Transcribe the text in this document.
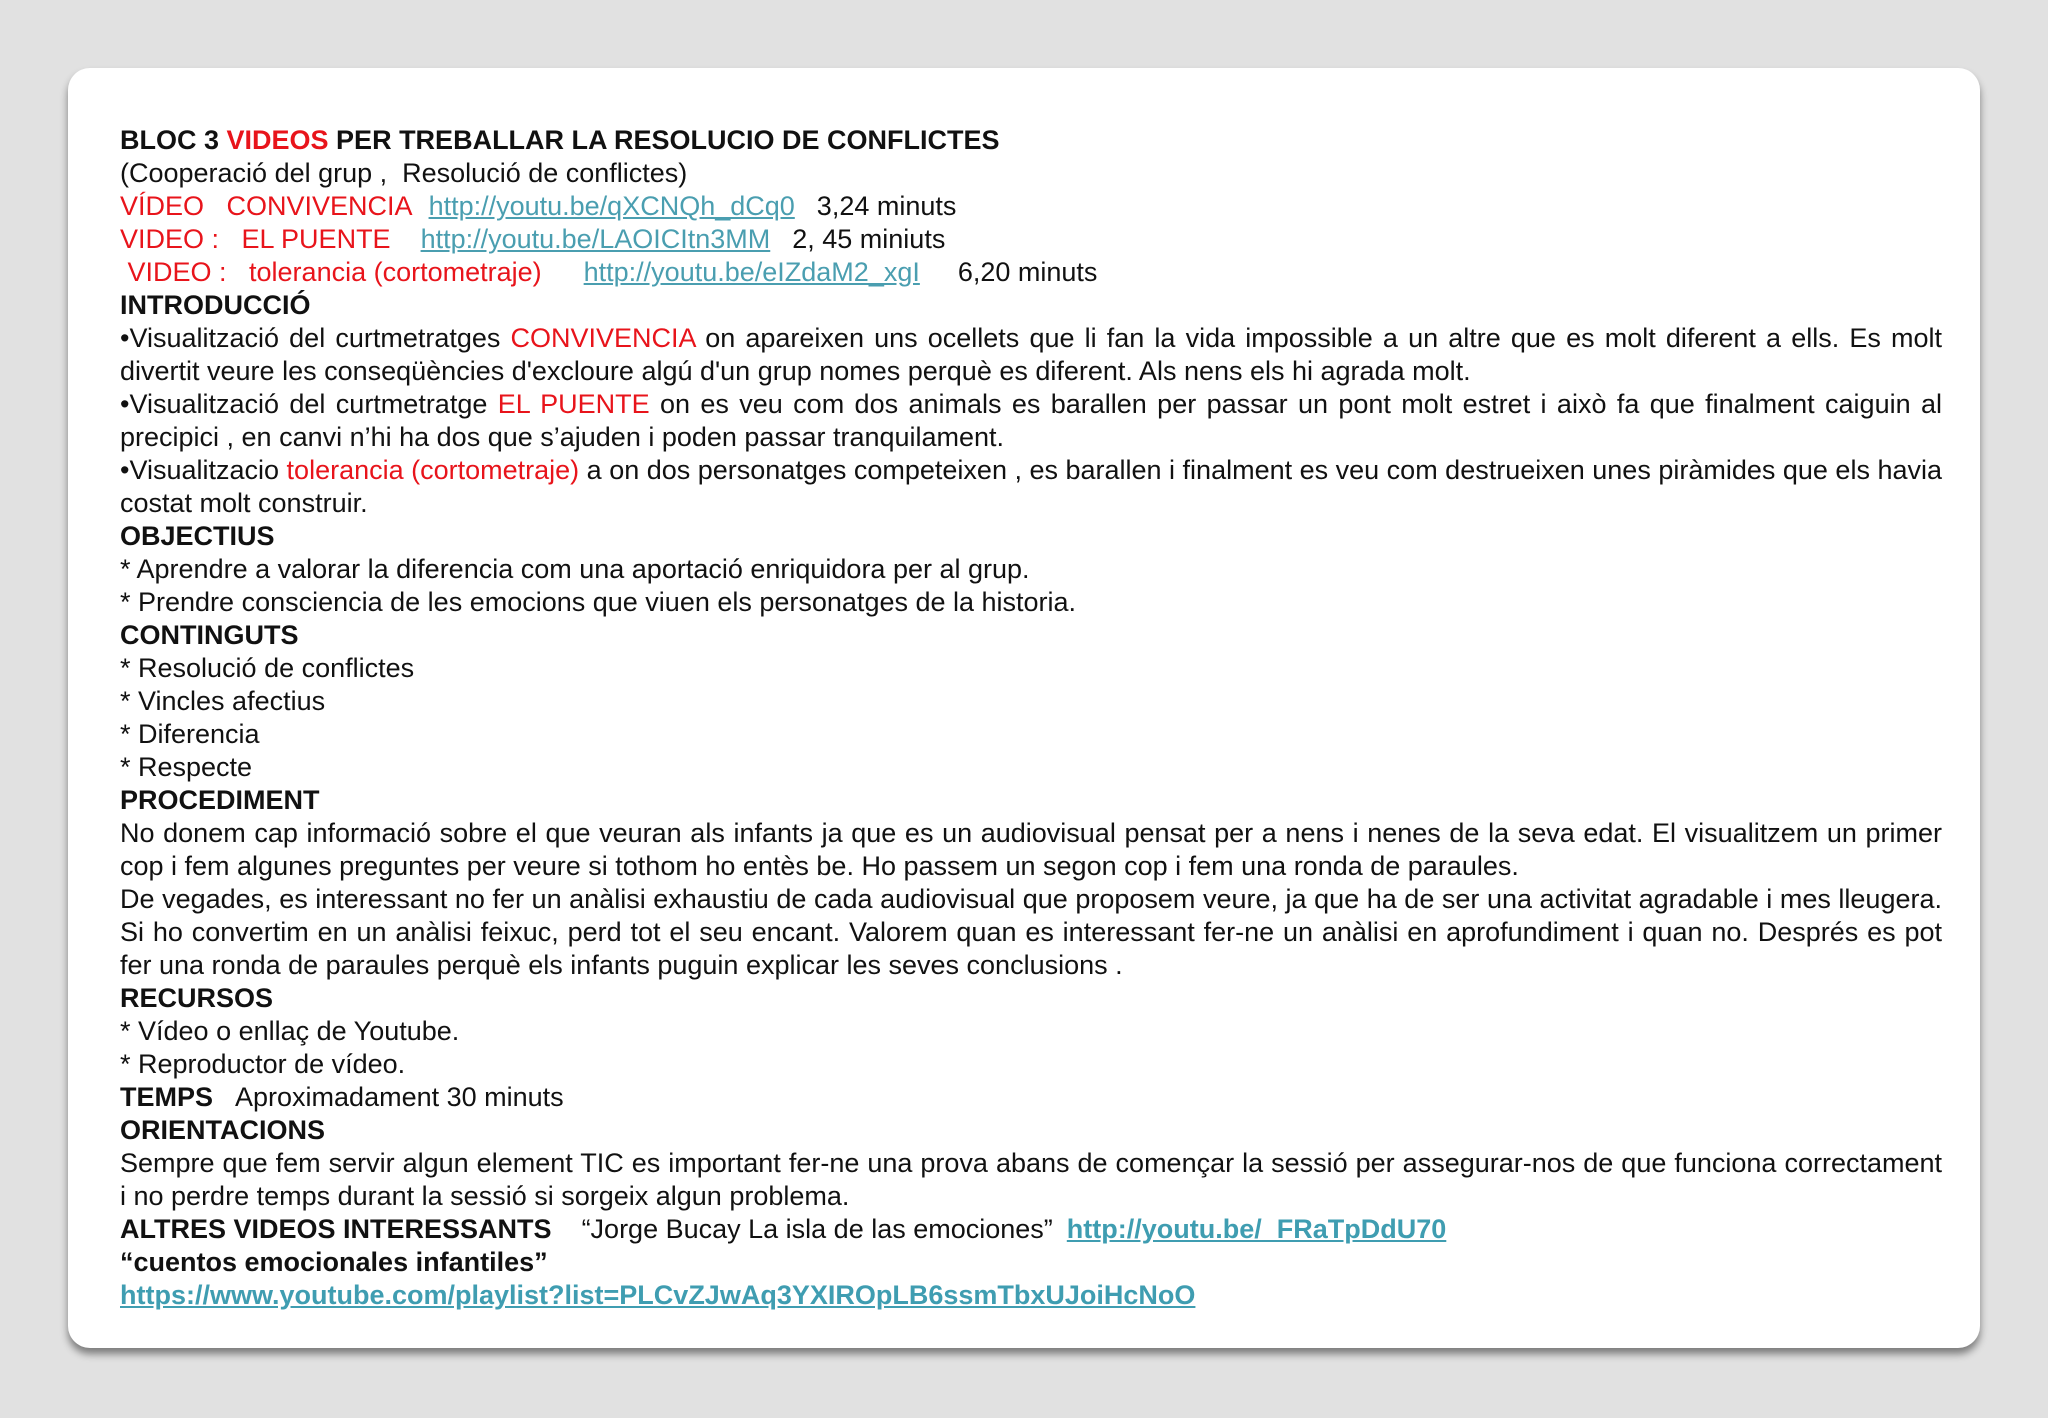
BLOC 3 VIDEOS PER TREBALLAR LA RESOLUCIO DE CONFLICTES
(Cooperació del grup ,  Resolució de conflictes)
VÍDEO   CONVIVENCIA http://youtu.be/qXCNQh_dCq0 3,24 minuts
VIDEO :   EL PUENTE http://youtu.be/LAOICItn3MM 2, 45 miniuts
VIDEO :   tolerancia (cortometraje) http://youtu.be/eIZdaM2_xgI 6,20 minuts
INTRODUCCIÓ
•Visualització del curtmetratges CONVIVENCIA on apareixen uns ocellets que li fan la vida impossible a un altre que es molt diferent a ells. Es molt divertit veure les conseqüències d'excloure algú d'un grup nomes perquè es diferent. Als nens els hi agrada molt.
•Visualització del curtmetratge EL PUENTE on es veu com dos animals es barallen per passar un pont molt estret i això fa que finalment caiguin al precipici , en canvi n’hi ha dos que s’ajuden i poden passar tranquilament.
•Visualitzacio tolerancia (cortometraje) a on dos personatges competeixen , es barallen i finalment es veu com destrueixen unes piràmides que els havia costat molt construir.
OBJECTIUS
* Aprendre a valorar la diferencia com una aportació enriquidora per al grup.
* Prendre consciencia de les emocions que viuen els personatges de la historia.
CONTINGUTS
* Resolució de conflictes
* Vincles afectius
* Diferencia
* Respecte
PROCEDIMENT
No donem cap informació sobre el que veuran als infants ja que es un audiovisual pensat per a nens i nenes de la seva edat. El visualitzem un primer cop i fem algunes preguntes per veure si tothom ho entès be. Ho passem un segon cop i fem una ronda de paraules.
De vegades, es interessant no fer un anàlisi exhaustiu de cada audiovisual que proposem veure, ja que ha de ser una activitat agradable i mes lleugera. Si ho convertim en un anàlisi feixuc, perd tot el seu encant. Valorem quan es interessant fer-ne un anàlisi en aprofundiment i quan no. Després es pot fer una ronda de paraules perquè els infants puguin explicar les seves conclusions .
RECURSOS
* Vídeo o enllaç de Youtube.
* Reproductor de vídeo.
TEMPS Aproximadament 30 minuts
ORIENTACIONS
Sempre que fem servir algun element TIC es important fer-ne una prova abans de començar la sessió per assegurar-nos de que funciona correctament i no perdre temps durant la sessió si sorgeix algun problema.
ALTRES VIDEOS INTERESSANTS “Jorge Bucay La isla de las emociones” http://youtu.be/_FRaTpDdU70
“cuentos emocionales infantiles”
https://www.youtube.com/playlist?list=PLCvZJwAq3YXIROpLB6ssmTbxUJoiHcNoO
